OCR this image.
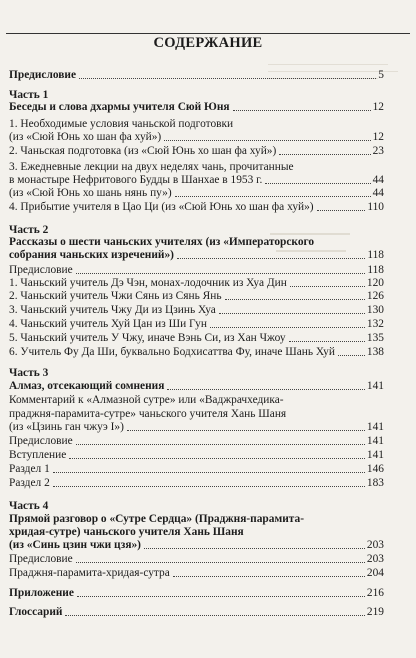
СОДЕРЖАНИЕ
Предисловие	5
Часть 1
Беседы и слова дхармы учителя Сюй Юня	12
1. Необходимые условия чаньской подготовки
(из «Сюй Юнь хо шан фа хуй»)	12
2. Чаньская подготовка (из «Сюй Юнь хо шан фа хуй»)	23
3. Ежедневные лекции на двух неделях чань, прочитанные
в монастыре Нефритового Будды в Шанхае в 1953 г.	44
(из «Сюй Юнь хо шань нянь пу»)	44
4. Прибытие учителя в Цао Ци (из «Сюй Юнь хо шан фа хуй»)	110
Часть 2
Рассказы о шести чаньских учителях (из «Императорского
собрания чаньских изречений»)	118
Предисловие	118
1. Чаньский учитель Дэ Чэн, монах-лодочник из Хуа Дин	120
2. Чаньский учитель Чжи Сянь из Сянь Янь	126
3. Чаньский учитель Чжу Ди из Цзинь Хуа	130
4. Чаньский учитель Хуй Цан из Ши Гун	132
5. Чаньский учитель У Чжу, иначе Вэнь Си, из Хан Чжоу	135
6. Учитель Фу Да Ши, буквально Бодхисаттва Фу, иначе Шань Хуй	138
Часть 3
Алмаз, отсекающий сомнения	141
Комментарий к «Алмазной сутре» или «Ваджрачхедика-
праджня-парамита-сутре» чаньского учителя Хань Шаня
(из «Цзинь ган чжуэ I»)	141
Предисловие	141
Вступление	141
Раздел 1	146
Раздел 2	183
Часть 4
Прямой разговор о «Сутре Сердца» (Праджня-парамита-
хридая-сутре) чаньского учителя Хань Шаня
(из «Синь цзин чжи цзя»)	203
Предисловие	203
Праджня-парамита-хридая-сутра	204
Приложение	216
Глоссарий	219
